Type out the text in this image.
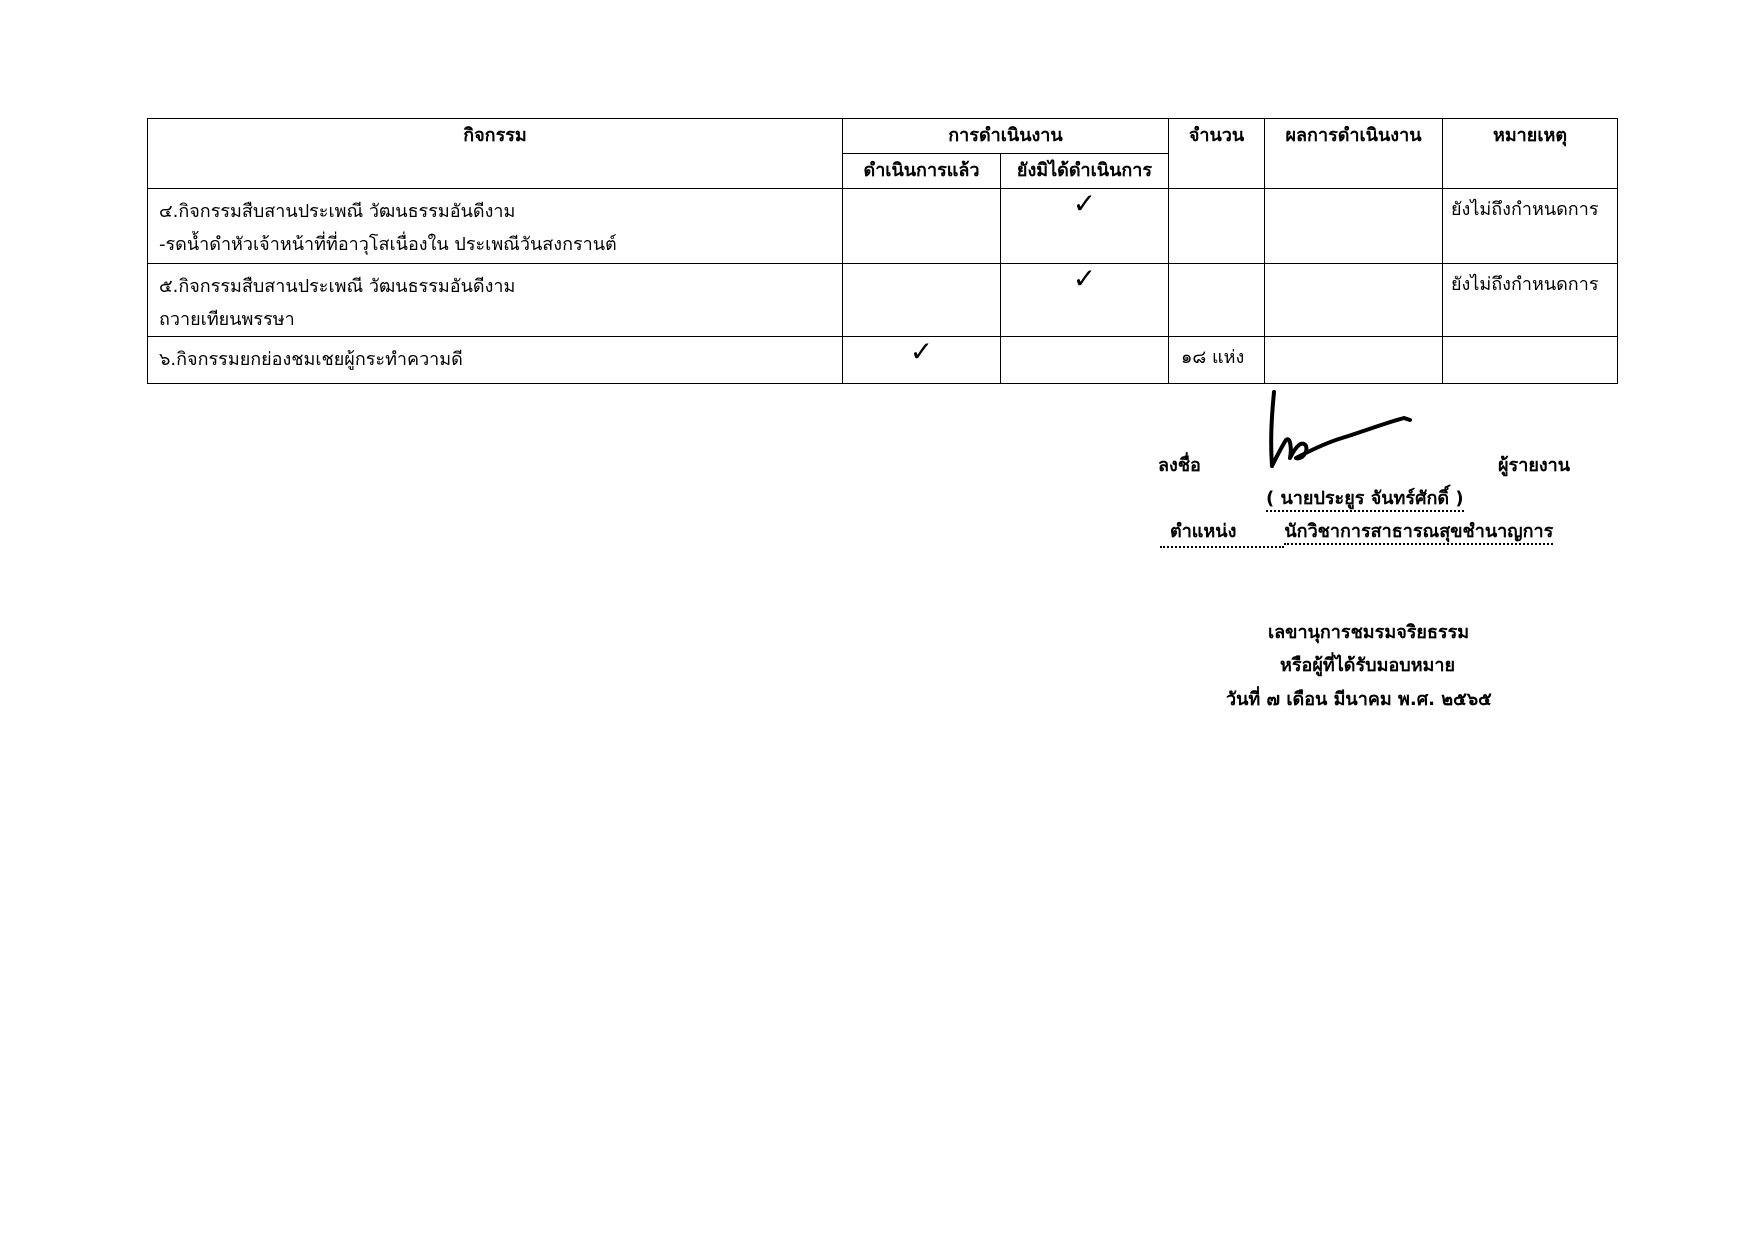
กิจกรรม	การดำเนินงาน		จำนวน	ผลการดำเนินงาน	หมายเหตุ
	ดำเนินการแล้ว	ยังมิได้ดำเนินการ			

๔.กิจกรรมสืบสานประเพณี วัฒนธรรมอันดีงาม
-รดน้ำดำหัวเจ้าหน้าที่ที่อาวุโสเนื่องใน ประเพณีวันสงกรานต์		✓			ยังไม่ถึงกำหนดการ

๕.กิจกรรมสืบสานประเพณี วัฒนธรรมอันดีงาม
ถวายเทียนพรรษา		✓			ยังไม่ถึงกำหนดการ

๖.กิจกรรมยกย่องชมเชยผู้กระทำความดี	✓		๑๘ แห่ง		
ลงชื่อ	ผู้รายงาน
( นายประยูร จันทร์ศักดิ์ )
ตำแหน่ง	นักวิชาการสาธารณสุขชำนาญการ
เลขานุการชมรมจริยธรรม
หรือผู้ที่ได้รับมอบหมาย
วันที่ ๗ เดือน มีนาคม พ.ศ. ๒๕๖๕
